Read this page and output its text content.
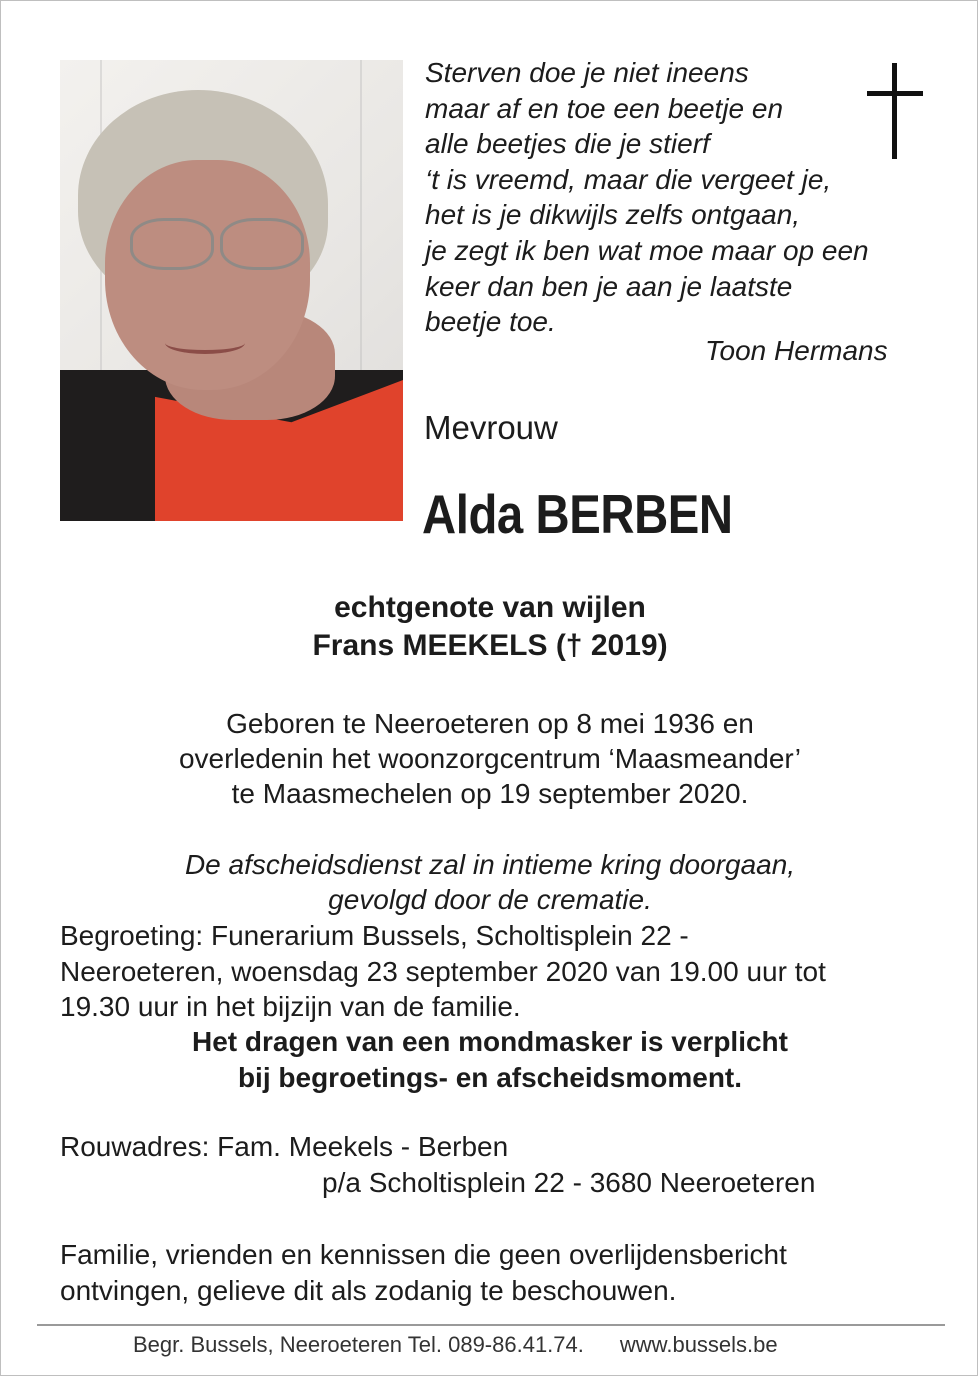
Sterven doe je niet ineens
maar af en toe een beetje en
alle beetjes die je stierf
‘t is vreemd, maar die vergeet je,
het is je dikwijls zelfs ontgaan,
je zegt ik ben wat moe maar op een
keer dan ben je aan je laatste
beetje toe.
Toon Hermans
Mevrouw
Alda BERBEN
echtgenote van wijlen
Frans MEEKELS († 2019)
Geboren te Neeroeteren op 8 mei 1936 en
overledenin het woonzorgcentrum ‘Maasmeander’
te Maasmechelen op 19 september 2020.
De afscheidsdienst zal in intieme kring doorgaan,
gevolgd door de crematie.
Begroeting: Funerarium Bussels, Scholtisplein 22 -
Neeroeteren, woensdag 23 september 2020 van 19.00 uur tot
19.30 uur in het bijzijn van de familie.
Het dragen van een mondmasker is verplicht
bij begroetings- en afscheidsmoment.
Rouwadres: Fam. Meekels - Berben
p/a Scholtisplein 22 - 3680 Neeroeteren
Familie, vrienden en kennissen die geen overlijdensbericht
ontvingen, gelieve dit als zodanig te beschouwen.
Begr. Bussels, Neeroeteren Tel. 089-86.41.74. www.bussels.be
